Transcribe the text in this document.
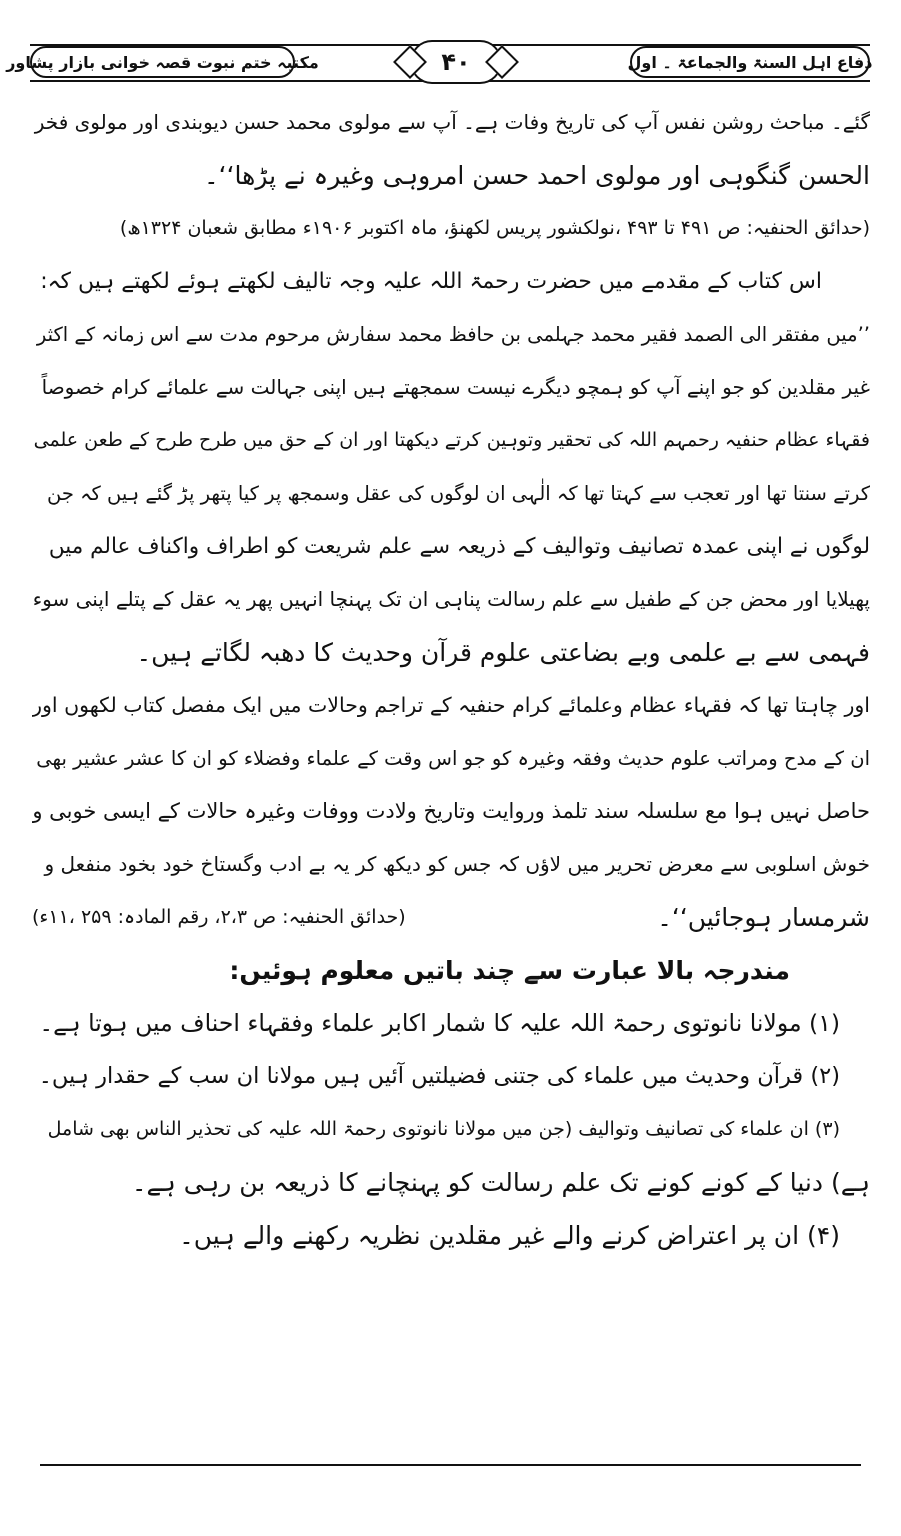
مکتبہ ختم نبوت قصہ خوانی بازار پشاور	۴۰	دفاع اہل السنۃ والجماعۃ ۔ اول
گئے۔ مباحث روشن نفس آپ کی تاریخ وفات ہے۔ آپ سے مولوی محمد حسن دیوبندی اور مولوی فخر
الحسن گنگوہی اور مولوی احمد حسن امروہی وغیرہ نے پڑھا‘‘۔
(حدائق الحنفیہ: ص ۴۹۱ تا ۴۹۳ ،نولکشور پریس لکھنؤ، ماہ اکتوبر ۱۹۰۶ء مطابق شعبان ۱۳۲۴ھ)
اس کتاب کے مقدمے میں حضرت رحمۃ اللہ علیہ وجہ تالیف لکھتے ہوئے لکھتے ہیں کہ:
’’میں مفتقر الی الصمد فقیر محمد جہلمی بن حافظ محمد سفارش مرحوم مدت سے اس زمانہ کے اکثر
غیر مقلدین کو جو اپنے آپ کو ہمچو دیگرے نیست سمجھتے ہیں اپنی جہالت سے علمائے کرام خصوصاً
فقہاء عظام حنفیہ رحمہم اللہ کی تحقیر وتوہین کرتے دیکھتا اور ان کے حق میں طرح طرح کے طعن علمی
کرتے سنتا تھا اور تعجب سے کہتا تھا کہ الٰہی ان لوگوں کی عقل وسمجھ پر کیا پتھر پڑ گئے ہیں کہ جن
لوگوں نے اپنی عمدہ تصانیف وتوالیف کے ذریعہ سے علم شریعت کو اطراف واکناف عالم میں
پھیلایا اور محض جن کے طفیل سے علم رسالت پناہی ان تک پہنچا انہیں پھر یہ عقل کے پتلے اپنی سوء
فہمی سے بے علمی وبے بضاعتی علوم قرآن وحدیث کا دھبہ لگاتے ہیں۔
اور چاہتا تھا کہ فقہاء عظام وعلمائے کرام حنفیہ کے تراجم وحالات میں ایک مفصل کتاب لکھوں اور
ان کے مدح ومراتب علوم حدیث وفقہ وغیرہ کو جو اس وقت کے علماء وفضلاء کو ان کا عشر عشیر بھی
حاصل نہیں ہوا مع سلسلہ سند تلمذ وروایت وتاریخ ولادت ووفات وغیرہ حالات کے ایسی خوبی و
خوش اسلوبی سے معرض تحریر میں لاؤں کہ جس کو دیکھ کر یہ بے ادب وگستاخ خود بخود منفعل و
شرمسار ہوجائیں‘‘۔
(حدائق الحنفیہ: ص ۲،۳، رقم المادہ: ۲۵۹ ،۱۱ء)
مندرجہ بالا عبارت سے چند باتیں معلوم ہوئیں:
(۱) مولانا نانوتوی رحمۃ اللہ علیہ کا شمار اکابر علماء وفقہاء احناف میں ہوتا ہے۔
(۲) قرآن وحدیث میں علماء کی جتنی فضیلتیں آئیں ہیں مولانا ان سب کے حقدار ہیں۔
(۳) ان علماء کی تصانیف وتوالیف (جن میں مولانا نانوتوی رحمۃ اللہ علیہ کی تحذیر الناس بھی شامل
ہے) دنیا کے کونے کونے تک علم رسالت کو پہنچانے کا ذریعہ بن رہی ہے۔
(۴) ان پر اعتراض کرنے والے غیر مقلدین نظریہ رکھنے والے ہیں۔
